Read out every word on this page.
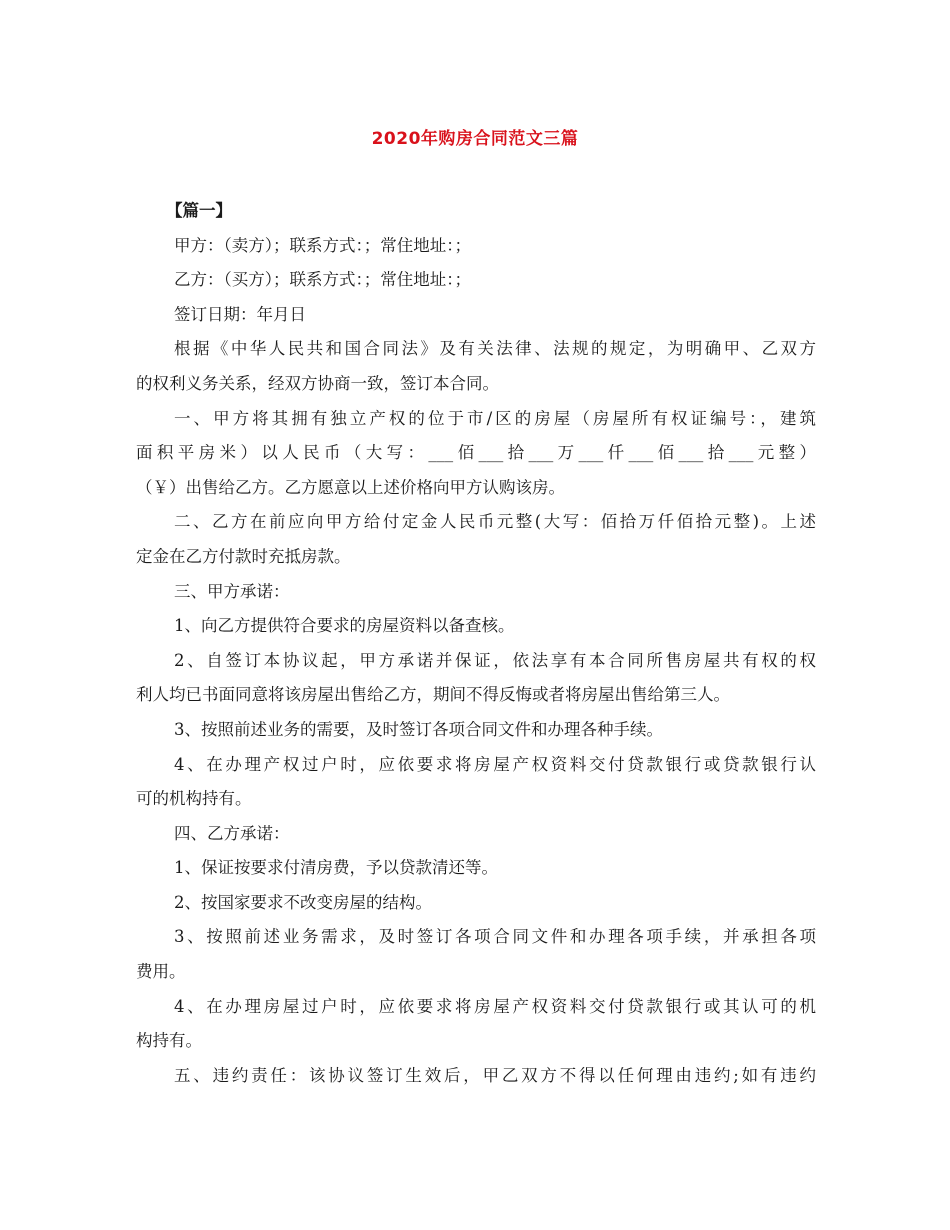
2020年购房合同范文三篇
【篇一】
甲方：（卖方）；联系方式：；常住地址：；
乙方：（买方）；联系方式：；常住地址：；
签订日期：年月日
根据《中华人民共和国合同法》及有关法律、法规的规定，为明确甲、乙双方
的权利义务关系，经双方协商一致，签订本合同。
一、甲方将其拥有独立产权的位于市/区的房屋（房屋所有权证编号：，建筑
面积平房米）以人民币（大写：___佰___拾___万___仟___佰___拾___元整）
（￥）出售给乙方。乙方愿意以上述价格向甲方认购该房。
二、乙方在前应向甲方给付定金人民币元整(大写：佰拾万仟佰拾元整)。上述
定金在乙方付款时充抵房款。
三、甲方承诺：
1、向乙方提供符合要求的房屋资料以备查核。
2、自签订本协议起，甲方承诺并保证，依法享有本合同所售房屋共有权的权
利人均已书面同意将该房屋出售给乙方，期间不得反悔或者将房屋出售给第三人。
3、按照前述业务的需要，及时签订各项合同文件和办理各种手续。
4、在办理产权过户时，应依要求将房屋产权资料交付贷款银行或贷款银行认
可的机构持有。
四、乙方承诺：
1、保证按要求付清房费，予以贷款清还等。
2、按国家要求不改变房屋的结构。
3、按照前述业务需求，及时签订各项合同文件和办理各项手续，并承担各项
费用。
4、在办理房屋过户时，应依要求将房屋产权资料交付贷款银行或其认可的机
构持有。
五、违约责任：该协议签订生效后，甲乙双方不得以任何理由违约;如有违约
